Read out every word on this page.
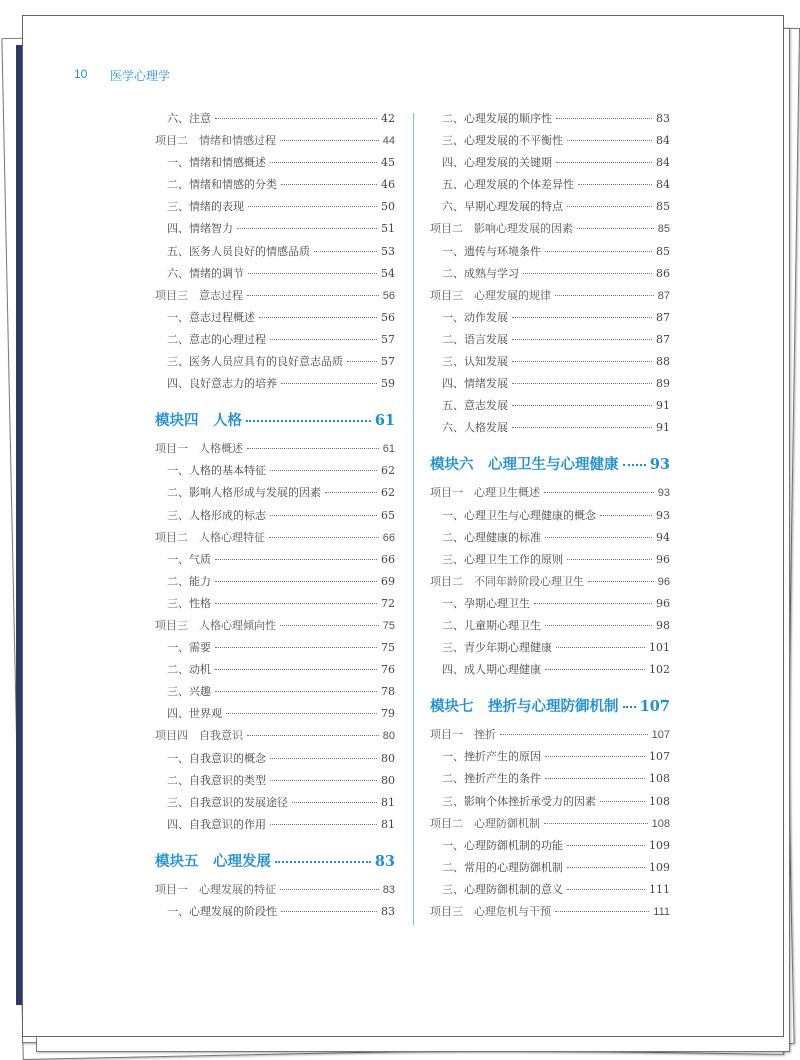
10 医学心理学
六、注意	42
项目二　情绪和情感过程	44
一、情绪和情感概述	45
二、情绪和情感的分类	46
三、情绪的表现	50
四、情绪智力	51
五、医务人员良好的情感品质	53
六、情绪的调节	54
项目三　意志过程	56
一、意志过程概述	56
二、意志的心理过程	57
三、医务人员应具有的良好意志品质	57
四、良好意志力的培养	59
模块四　人格	61
项目一　人格概述	61
一、人格的基本特征	62
二、影响人格形成与发展的因素	62
三、人格形成的标志	65
项目二　人格心理特征	66
一、气质	66
二、能力	69
三、性格	72
项目三　人格心理倾向性	75
一、需要	75
二、动机	76
三、兴趣	78
四、世界观	79
项目四　自我意识	80
一、自我意识的概念	80
二、自我意识的类型	80
三、自我意识的发展途径	81
四、自我意识的作用	81
模块五　心理发展	83
项目一　心理发展的特征	83
一、心理发展的阶段性	83
二、心理发展的顺序性	83
三、心理发展的不平衡性	84
四、心理发展的关键期	84
五、心理发展的个体差异性	84
六、早期心理发展的特点	85
项目二　影响心理发展的因素	85
一、遗传与环境条件	85
二、成熟与学习	86
项目三　心理发展的规律	87
一、动作发展	87
二、语言发展	87
三、认知发展	88
四、情绪发展	89
五、意志发展	91
六、人格发展	91
模块六　心理卫生与心理健康 93
项目一　心理卫生概述	93
一、心理卫生与心理健康的概念	93
二、心理健康的标准	94
三、心理卫生工作的原则	96
项目二　不同年龄阶段心理卫生	96
一、孕期心理卫生	96
二、儿童期心理卫生	98
三、青少年期心理健康	101
四、成人期心理健康	102
模块七　挫折与心理防御机制 107
项目一　挫折	107
一、挫折产生的原因	107
二、挫折产生的条件	108
三、影响个体挫折承受力的因素	108
项目二　心理防御机制	108
一、心理防御机制的功能	109
二、常用的心理防御机制	109
三、心理防御机制的意义	111
项目三　心理危机与干预	111
